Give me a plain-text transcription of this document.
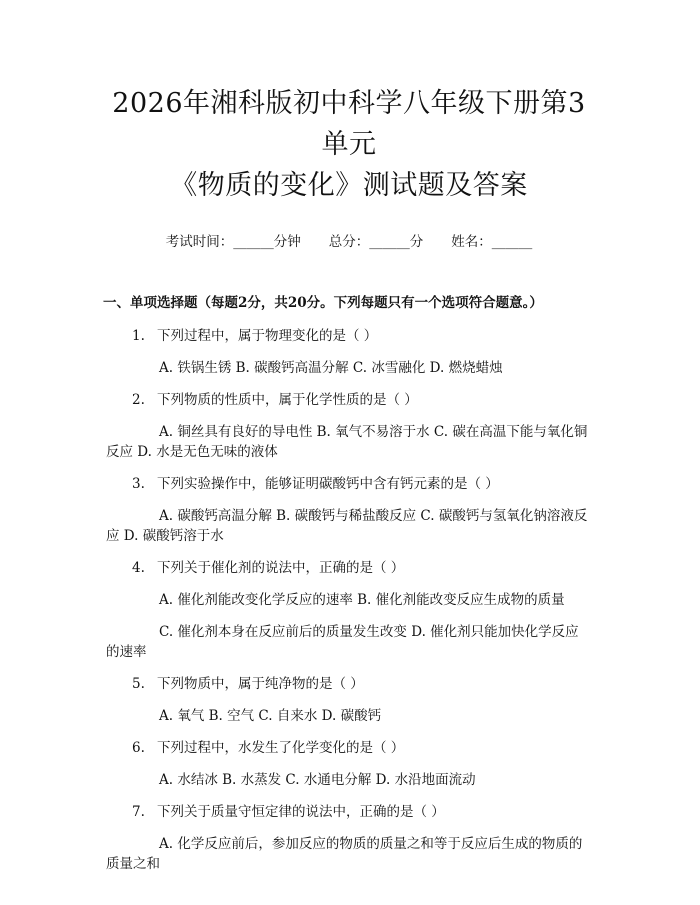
2026年湘科版初中科学八年级下册第3单元
《物质的变化》测试题及答案
考试时间：______分钟 总分：______分 姓名：______
一、单项选择题（每题2分，共20分。下列每题只有一个选项符合题意。）
1. 下列过程中，属于物理变化的是（ ）
A. 铁锅生锈 B. 碳酸钙高温分解 C. 冰雪融化 D. 燃烧蜡烛
2. 下列物质的性质中，属于化学性质的是（ ）
A. 铜丝具有良好的导电性 B. 氧气不易溶于水 C. 碳在高温下能与氧化铜反应 D. 水是无色无味的液体
3. 下列实验操作中，能够证明碳酸钙中含有钙元素的是（ ）
A. 碳酸钙高温分解 B. 碳酸钙与稀盐酸反应 C. 碳酸钙与氢氧化钠溶液反应 D. 碳酸钙溶于水
4. 下列关于催化剂的说法中，正确的是（ ）
A. 催化剂能改变化学反应的速率 B. 催化剂能改变反应生成物的质量
C. 催化剂本身在反应前后的质量发生改变 D. 催化剂只能加快化学反应的速率
5. 下列物质中，属于纯净物的是（ ）
A. 氧气 B. 空气 C. 自来水 D. 碳酸钙
6. 下列过程中，水发生了化学变化的是（ ）
A. 水结冰 B. 水蒸发 C. 水通电分解 D. 水沿地面流动
7. 下列关于质量守恒定律的说法中，正确的是（ ）
A. 化学反应前后，参加反应的物质的质量之和等于反应后生成的物质的质量之和
